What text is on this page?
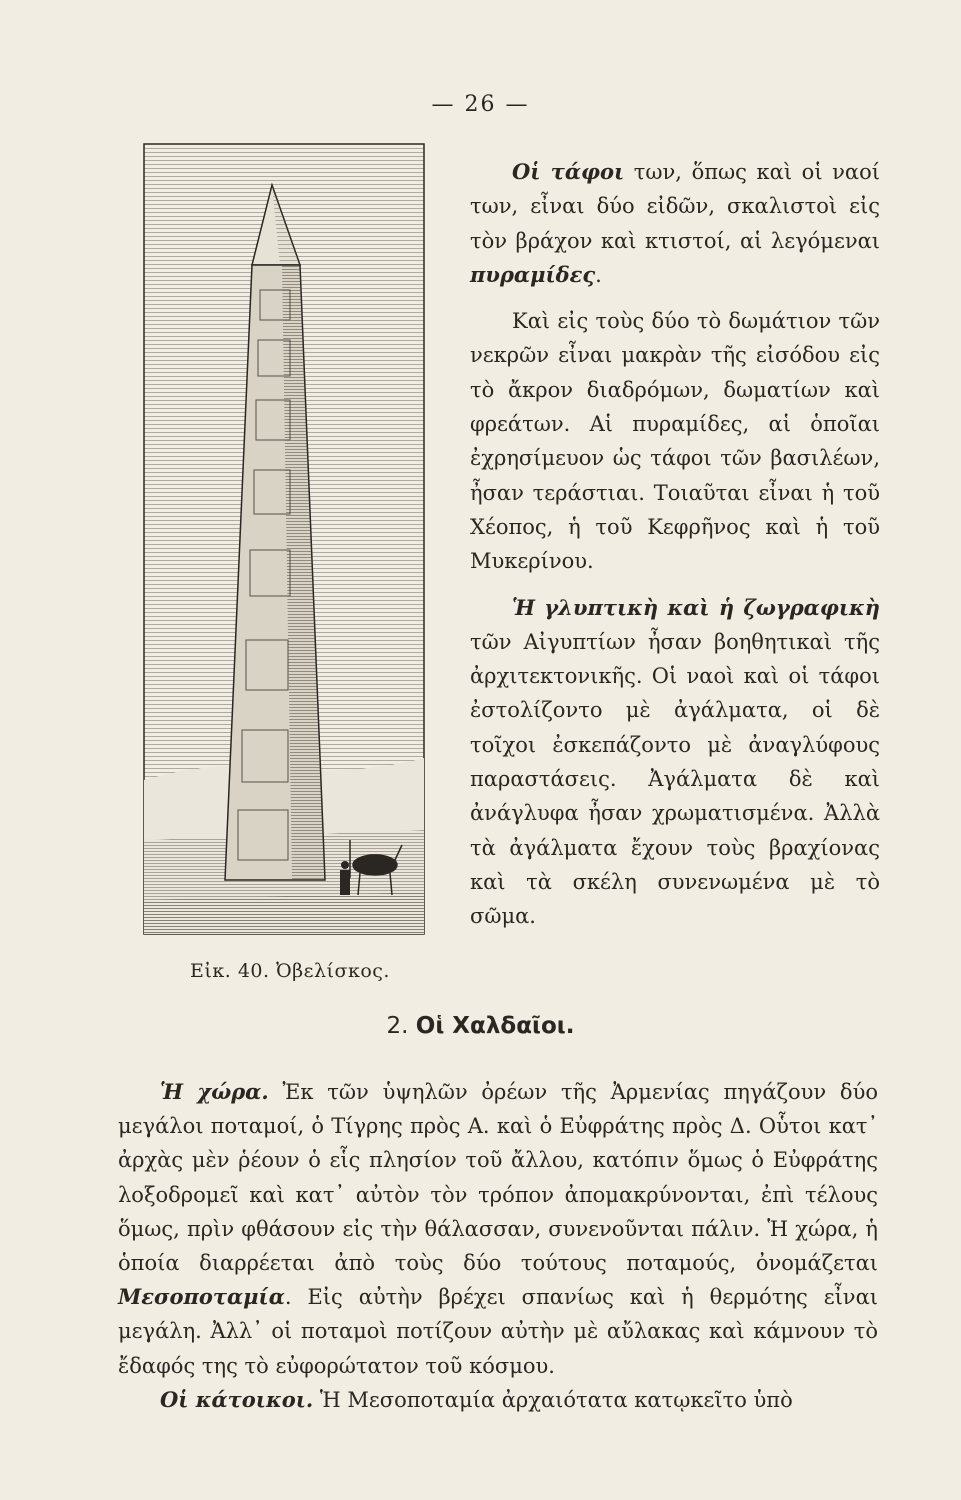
— 26 —
Εἰκ. 40. Ὀβελίσκος.

Οἱ τάφοι των, ὅπως καὶ οἱ ναοί των, εἶναι δύο εἰδῶν, σκαλιστοὶ εἰς τὸν βράχον καὶ κτιστοί, αἱ λεγόμεναι πυραμίδες.

Καὶ εἰς τοὺς δύο τὸ δωμάτιον τῶν νεκρῶν εἶναι μακρὰν τῆς εἰσόδου εἰς τὸ ἄκρον διαδρόμων, δωματίων καὶ φρεάτων. Αἱ πυραμίδες, αἱ ὁποῖαι ἐχρησίμευον ὡς τάφοι τῶν βασιλέων, ἦσαν τεράστιαι. Τοιαῦται εἶναι ἡ τοῦ Χέοπος, ἡ τοῦ Κεφρῆνος καὶ ἡ τοῦ Μυκερίνου.

Ἡ γλυπτικὴ καὶ ἡ ζωγραφικὴ τῶν Αἰγυπτίων ἦσαν βοηθητικαὶ τῆς ἀρχιτεκτονικῆς. Οἱ ναοὶ καὶ οἱ τάφοι ἐστολίζοντο μὲ ἀγάλματα, οἱ δὲ τοῖχοι ἐσκεπάζοντο μὲ ἀναγλύφους παραστάσεις. Ἀγάλματα δὲ καὶ ἀνάγλυφα ἦσαν χρωματισμένα. Ἀλλὰ τὰ ἀγάλματα ἔχουν τοὺς βραχίονας καὶ τὰ σκέλη συνενωμένα μὲ τὸ σῶμα.

2. Οἱ Χαλδαῖοι.

Ἡ χώρα. Ἐκ τῶν ὑψηλῶν ὀρέων τῆς Ἀρμενίας πηγάζουν δύο μεγάλοι ποταμοί, ὁ Τίγρης πρὸς Α. καὶ ὁ Εὐφράτης πρὸς Δ. Οὗτοι κατ᾽ ἀρχὰς μὲν ῥέουν ὁ εἷς πλησίον τοῦ ἄλλου, κατόπιν ὅμως ὁ Εὐφράτης λοξοδρομεῖ καὶ κατ᾽ αὐτὸν τὸν τρόπον ἀπομακρύνονται, ἐπὶ τέλους ὅμως, πρὶν φθάσουν εἰς τὴν θάλασσαν, συνενοῦνται πάλιν. Ἡ χώρα, ἡ ὁποία διαρρέεται ἀπὸ τοὺς δύο τούτους ποταμούς, ὀνομάζεται Μεσοποταμία. Εἰς αὐτὴν βρέχει σπανίως καὶ ἡ θερμότης εἶναι μεγάλη. Ἀλλ᾽ οἱ ποταμοὶ ποτίζουν αὐτὴν μὲ αὔλακας καὶ κάμνουν τὸ ἔδαφός της τὸ εὐφορώτατον τοῦ κόσμου.

Οἱ κάτοικοι. Ἡ Μεσοποταμία ἀρχαιότατα κατῳκεῖτο ὑπὸ
